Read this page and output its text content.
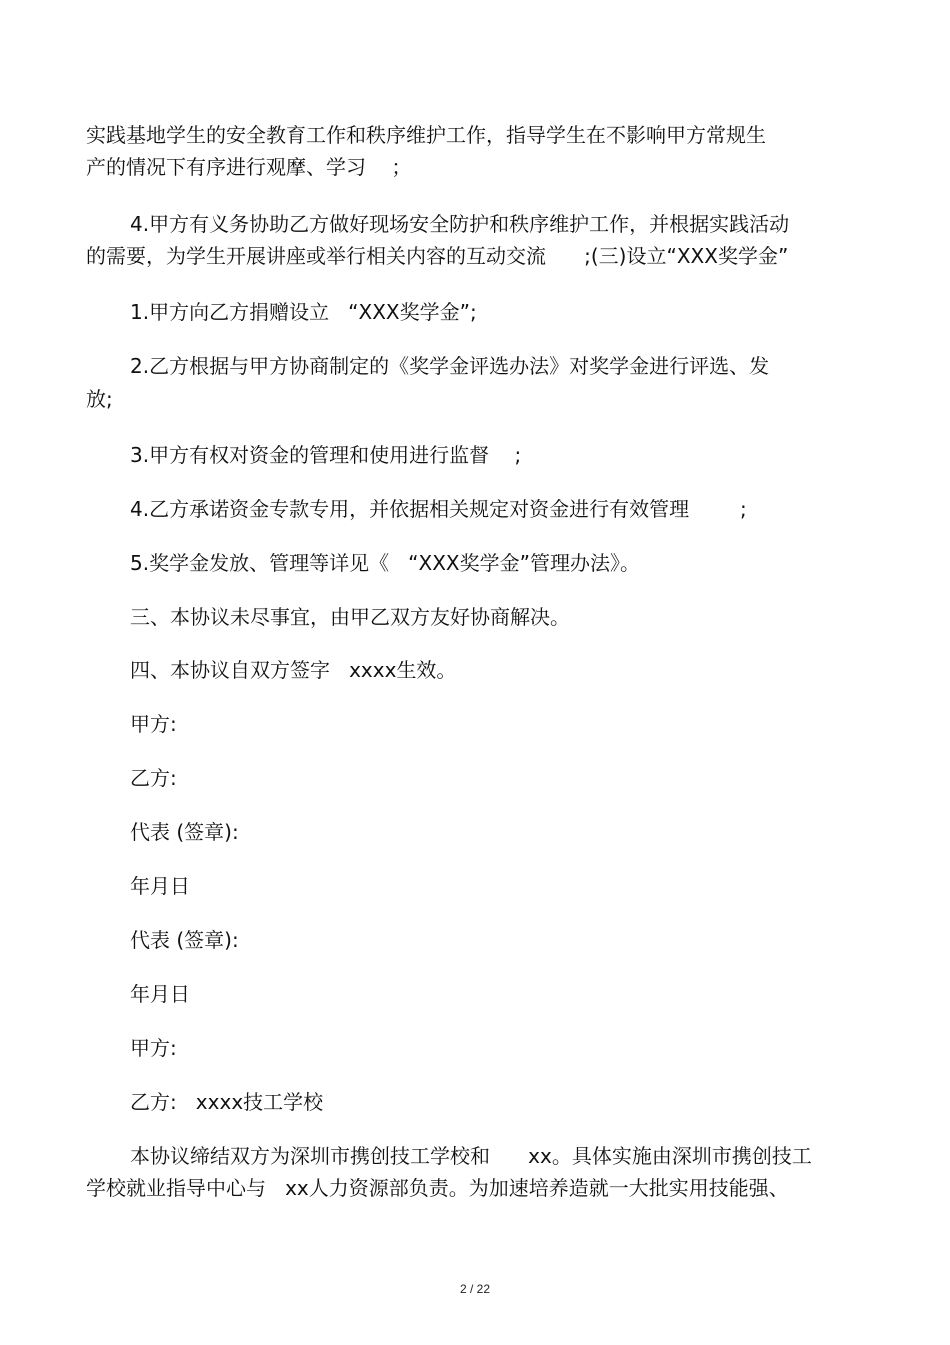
实践基地学生的安全教育工作和秩序维护工作，指导学生在不影响甲方常规生

产的情况下有序进行观摩、学习    ；

4.甲方有义务协助乙方做好现场安全防护和秩序维护工作，并根据实践活动

的需要，为学生开展讲座或举行相关内容的互动交流      ;(三)设立“XXX奖学金”

1.甲方向乙方捐赠设立   “XXX奖学金”;

2.乙方根据与甲方协商制定的《奖学金评选办法》对奖学金进行评选、发

放;

3.甲方有权对资金的管理和使用进行监督    ;

4.乙方承诺资金专款专用，并依据相关规定对资金进行有效管理        ;

5.奖学金发放、管理等详见《   “XXX奖学金”管理办法》。

三、本协议未尽事宜，由甲乙双方友好协商解决。

四、本协议自双方签字   xxxx生效。

甲方:

乙方:

代表 (签章):

年月日

代表 (签章):

年月日

甲方:

乙方:   xxxx技工学校

本协议缔结双方为深圳市携创技工学校和      xx。具体实施由深圳市携创技工

学校就业指导中心与   xx人力资源部负责。为加速培养造就一大批实用技能强、

2 / 22
